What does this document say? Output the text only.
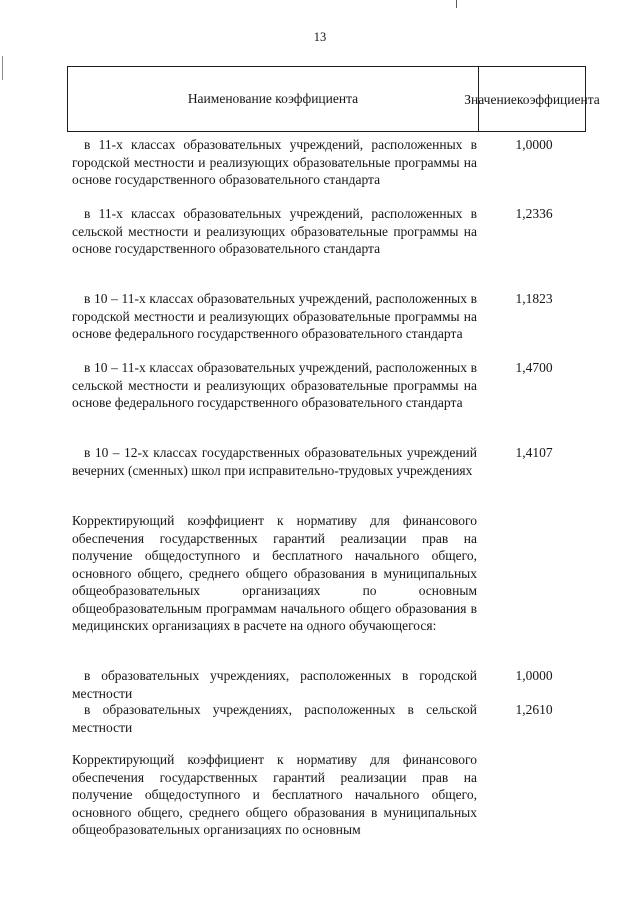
13
Наименование коэффициента	Значение коэффициента
в 11-х классах образовательных учреждений, расположенных в городской местности и реализующих образовательные программы на основе государственного образовательного стандарта
1,0000
в 11-х классах образовательных учреждений, расположенных в сельской местности и реализующих образовательные программы на основе государственного образовательного стандарта
1,2336
в 10 – 11-х классах образовательных учреждений, расположенных в городской местности и реализующих образовательные программы на основе федерального государственного образовательного стандарта
1,1823
в 10 – 11-х классах образовательных учреждений, расположенных в сельской местности и реализующих образовательные программы на основе федерального государственного образовательного стандарта
1,4700
в 10 – 12-х классах государственных образовательных учреждений вечерних (сменных) школ при исправительно-трудовых учреждениях
1,4107
Корректирующий коэффициент к нормативу для финансового обеспечения государственных гарантий реализации прав на получение общедоступного и бесплатного начального общего, основного общего, среднего общего образования в муниципальных общеобразовательных организациях по основным общеобразовательным программам начального общего образования в медицинских организациях в расчете на одного обучающегося:
в образовательных учреждениях, расположенных в городской местности
1,0000
в образовательных учреждениях, расположенных в сельской местности
1,2610
Корректирующий коэффициент к нормативу для финансового обеспечения государственных гарантий реализации прав на получение общедоступного и бесплатного начального общего, основного общего, среднего общего образования в муниципальных общеобразовательных организациях по основным
